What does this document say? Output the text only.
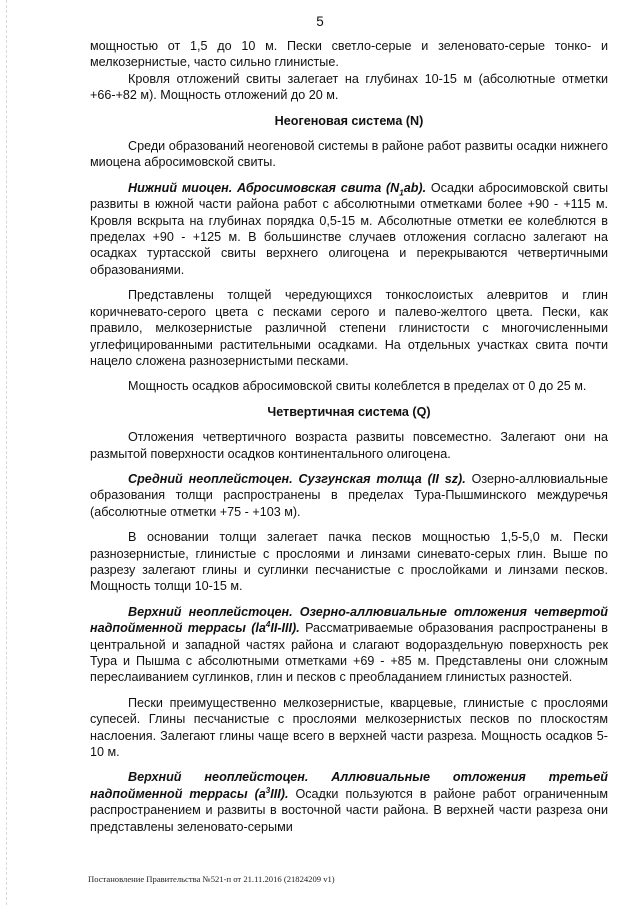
5

мощностью от 1,5 до 10 м. Пески светло-серые и зеленовато-серые тонко- и мелкозернистые, часто сильно глинистые.

Кровля отложений свиты залегает на глубинах 10-15 м (абсолютные отметки +66-+82 м). Мощность отложений до 20 м.

Неогеновая система (N)

Среди образований неогеновой системы в районе работ развиты осадки нижнего миоцена абросимовской свиты.

Нижний миоцен. Абросимовская свита $(N_1ab)$. Осадки абросимовской свиты развиты в южной части района работ с абсолютными отметками более +90 - +115 м. Кровля вскрыта на глубинах порядка 0,5-15 м. Абсолютные отметки ее колеблются в пределах +90 - +125 м. В большинстве случаев отложения согласно залегают на осадках туртасской свиты верхнего олигоцена и перекрываются четвертичными образованиями.

Представлены толщей чередующихся тонкослоистых алевритов и глин коричневато-серого цвета с песками серого и палево-желтого цвета. Пески, как правило, мелкозернистые различной степени глинистости с многочисленными углефицированными растительными осадками. На отдельных участках свита почти нацело сложена разнозернистыми песками.

Мощность осадков абросимовской свиты колеблется в пределах от 0 до 25 м.

Четвертичная система (Q)

Отложения четвертичного возраста развиты повсеместно. Залегают они на размытой поверхности осадков континентального олигоцена.

Средний неоплейстоцен. Сузгунская толща (II sz). Озерно-аллювиальные образования толщи распространены в пределах Тура-Пышминского междуречья (абсолютные отметки +75 - +103 м).

В основании толщи залегает пачка песков мощностью 1,5-5,0 м. Пески разнозернистые, глинистые с прослоями и линзами синевато-серых глин. Выше по разрезу залегают глины и суглинки песчанистые с прослойками и линзами песков. Мощность толщи 10-15 м.

Верхний неоплейстоцен. Озерно-аллювиальные отложения четвертой надпойменной террасы $(la^4II-III)$. Рассматриваемые образования распространены в центральной и западной частях района и слагают водораздельную поверхность рек Тура и Пышма с абсолютными отметками +69 - +85 м. Представлены они сложным переслаиванием суглинков, глин и песков с преобладанием глинистых разностей.

Пески преимущественно мелкозернистые, кварцевые, глинистые с прослоями супесей. Глины песчанистые с прослоями мелкозернистых песков по плоскостям наслоения. Залегают глины чаще всего в верхней части разреза. Мощность осадков 5-10 м.

Верхний неоплейстоцен. Аллювиальные отложения третьей надпойменной террасы $(a^3III)$. Осадки пользуются в районе работ ограниченным распространением и развиты в восточной части района. В верхней части разреза они представлены зеленовато-серыми

Постановление Правительства №521-п от 21.11.2016 (21824209 v1)
